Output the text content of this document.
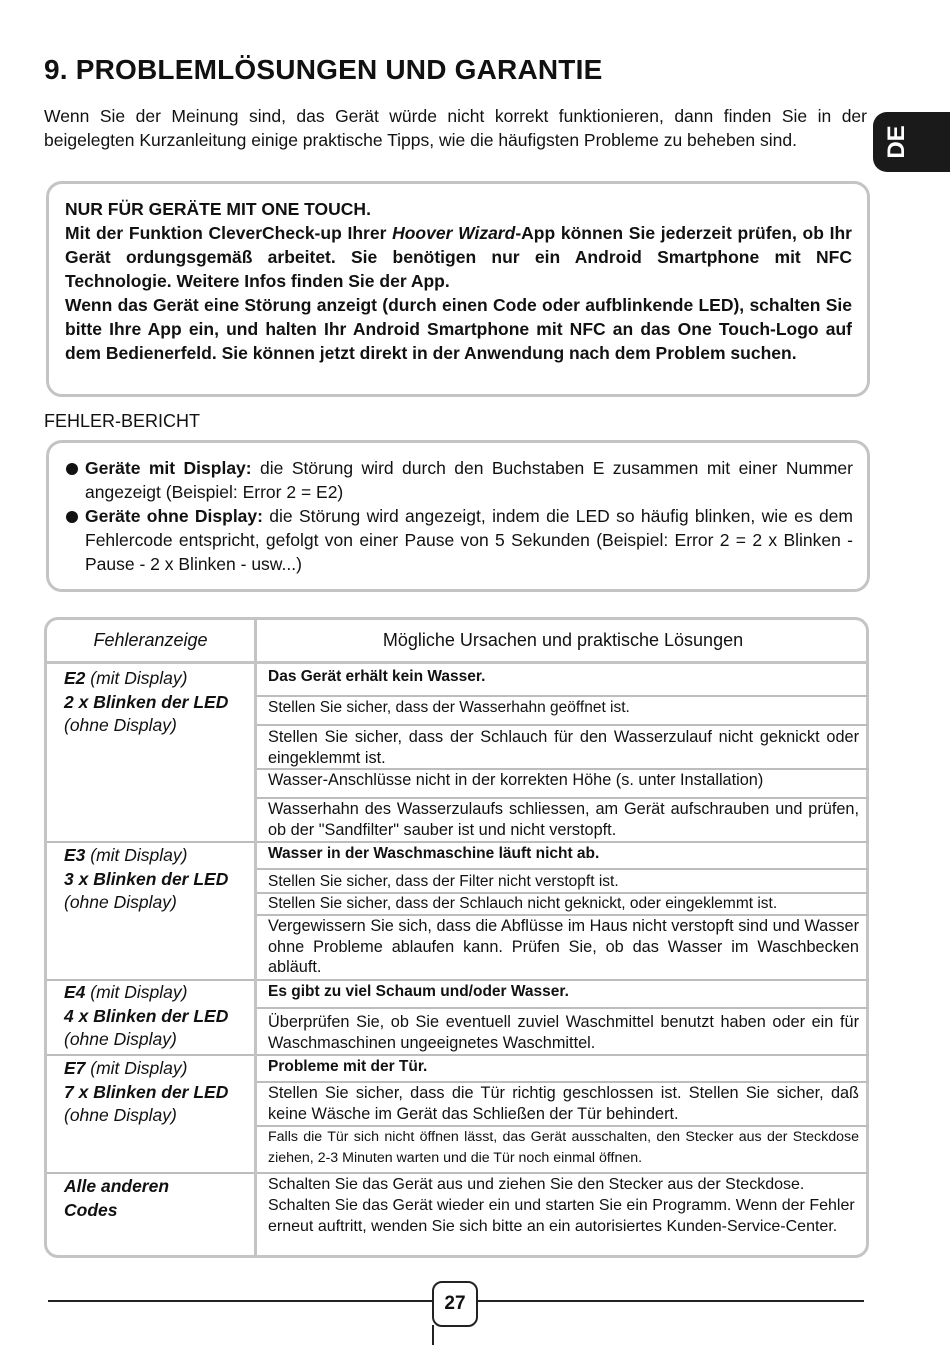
9. PROBLEMLÖSUNGEN UND GARANTIE
DE

Wenn Sie der Meinung sind, das Gerät würde nicht korrekt funktionieren, dann finden Sie in der beigelegten Kurzanleitung einige praktische Tipps, wie die häufigsten Probleme zu beheben sind.

NUR FÜR GERÄTE MIT ONE TOUCH.

Mit der Funktion CleverCheck-up Ihrer Hoover Wizard-App können Sie jederzeit prüfen, ob Ihr Gerät ordungsgemäß arbeitet. Sie benötigen nur ein Android Smartphone mit NFC Technologie. Weitere Infos finden Sie der App.

Wenn das Gerät eine Störung anzeigt (durch einen Code oder aufblinkende LED), schalten Sie bitte Ihre App ein, und halten Ihr Android Smartphone mit NFC an das One Touch-Logo auf dem Bedienerfeld. Sie können jetzt direkt in der Anwendung nach dem Problem suchen.

FEHLER-BERICHT

Geräte mit Display: die Störung wird durch den Buchstaben E zusammen mit einer Nummer angezeigt (Beispiel: Error 2 = E2)
Geräte ohne Display: die Störung wird angezeigt, indem die LED so häufig blinken, wie es dem Fehlercode entspricht, gefolgt von einer Pause von 5 Sekunden (Beispiel: Error 2 = 2 x Blinken - Pause - 2 x Blinken - usw...)
Fehleranzeige	Mögliche Ursachen und praktische Lösungen
E2 (mit Display)
2 x Blinken der LED (ohne Display)
Das Gerät erhält kein Wasser.
Stellen Sie sicher, dass der Wasserhahn geöffnet ist.
Stellen Sie sicher, dass der Schlauch für den Wasserzulauf nicht geknickt oder eingeklemmt ist.
Wasser-Anschlüsse nicht in der korrekten Höhe (s. unter Installation)
Wasserhahn des Wasserzulaufs schliessen, am Gerät aufschrauben und prüfen, ob der "Sandfilter" sauber ist und nicht verstopft.
E3 (mit Display)
3 x Blinken der LED (ohne Display)
Wasser in der Waschmaschine läuft nicht ab.
Stellen Sie sicher, dass der Filter nicht verstopft ist.
Stellen Sie sicher, dass der Schlauch nicht geknickt, oder eingeklemmt ist.
Vergewissern Sie sich, dass die Abflüsse im Haus nicht verstopft sind und Wasser ohne Probleme ablaufen kann. Prüfen Sie, ob das Wasser im Waschbecken abläuft.
E4 (mit Display)
4 x Blinken der LED (ohne Display)
Es gibt zu viel Schaum und/oder Wasser.
Überprüfen Sie, ob Sie eventuell zuviel Waschmittel benutzt haben oder ein für Waschmaschinen ungeeignetes Waschmittel.
E7 (mit Display)
7 x Blinken der LED (ohne Display)
Probleme mit der Tür.
Stellen Sie sicher, dass die Tür richtig geschlossen ist. Stellen Sie sicher, daß keine Wäsche im Gerät das Schließen der Tür behindert.
Falls die Tür sich nicht öffnen lässt, das Gerät ausschalten, den Stecker aus der Steckdose ziehen, 2-3 Minuten warten und die Tür noch einmal öffnen.
Alle anderen Codes
Schalten Sie das Gerät aus und ziehen Sie den Stecker aus der Steckdose. Schalten Sie das Gerät wieder ein und starten Sie ein Programm. Wenn der Fehler erneut auftritt, wenden Sie sich bitte an ein autorisiertes Kunden-Service-Center.
27
